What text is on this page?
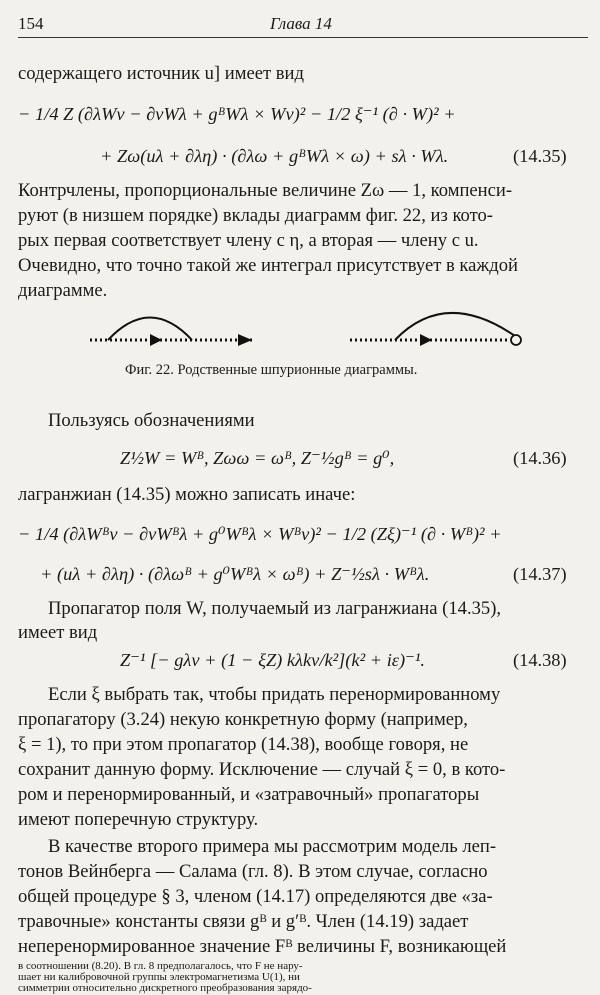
154	Глава 14
содержащего источник u] имеет вид
− 1/4 Z (∂λWν − ∂νWλ + gᴮWλ × Wν)² − 1/2 ξ⁻¹ (∂ · W)² +
+ Zω(uλ + ∂λη) · (∂λω + gᴮWλ × ω) + sλ · Wλ.	(14.35)
Контрчлены, пропорциональные величине Zω — 1, компенси-
руют (в низшем порядке) вклады диаграмм фиг. 22, из кото-
рых первая соответствует члену с η, а вторая — члену с u.
Очевидно, что точно такой же интеграл присутствует в каждой
диаграмме.
Фиг. 22. Родственные шпурионные диаграммы.
Пользуясь обозначениями
Z½W = Wᴮ, Zωω = ωᴮ, Z⁻½gᴮ = g⁰,	(14.36)
лагранжиан (14.35) можно записать иначе:
− 1/4 (∂λWᴮν − ∂νWᴮλ + g⁰Wᴮλ × Wᴮν)² − 1/2 (Zξ)⁻¹ (∂ · Wᴮ)² +
+ (uλ + ∂λη) · (∂λωᴮ + g⁰Wᴮλ × ωᴮ) + Z⁻½sλ · Wᴮλ.	(14.37)
Пропагатор поля W, получаемый из лагранжиана (14.35),
имеет вид
Z⁻¹ [− gλν + (1 − ξZ) kλkν/k²](k² + iε)⁻¹.	(14.38)
Если ξ выбрать так, чтобы придать перенормированному
пропагатору (3.24) некую конкретную форму (например,
ξ = 1), то при этом пропагатор (14.38), вообще говоря, не
сохранит данную форму. Исключение — случай ξ = 0, в кото-
ром и перенормированный, и «затравочный» пропагаторы
имеют поперечную структуру.
В качестве второго примера мы рассмотрим модель леп-
тонов Вейнберга — Салама (гл. 8). В этом случае, согласно
общей процедуре § 3, членом (14.17) определяются две «за-
травочные» константы связи gᴮ и g′ᴮ. Член (14.19) задает
неперенормированное значение Fᴮ величины F, возникающей
в соотношении (8.20). В гл. 8 предполагалось, что F не нару-
шает ни калибровочной группы электромагнетизма U(1), ни
симметрии относительно дискретного преобразования зарядо-
